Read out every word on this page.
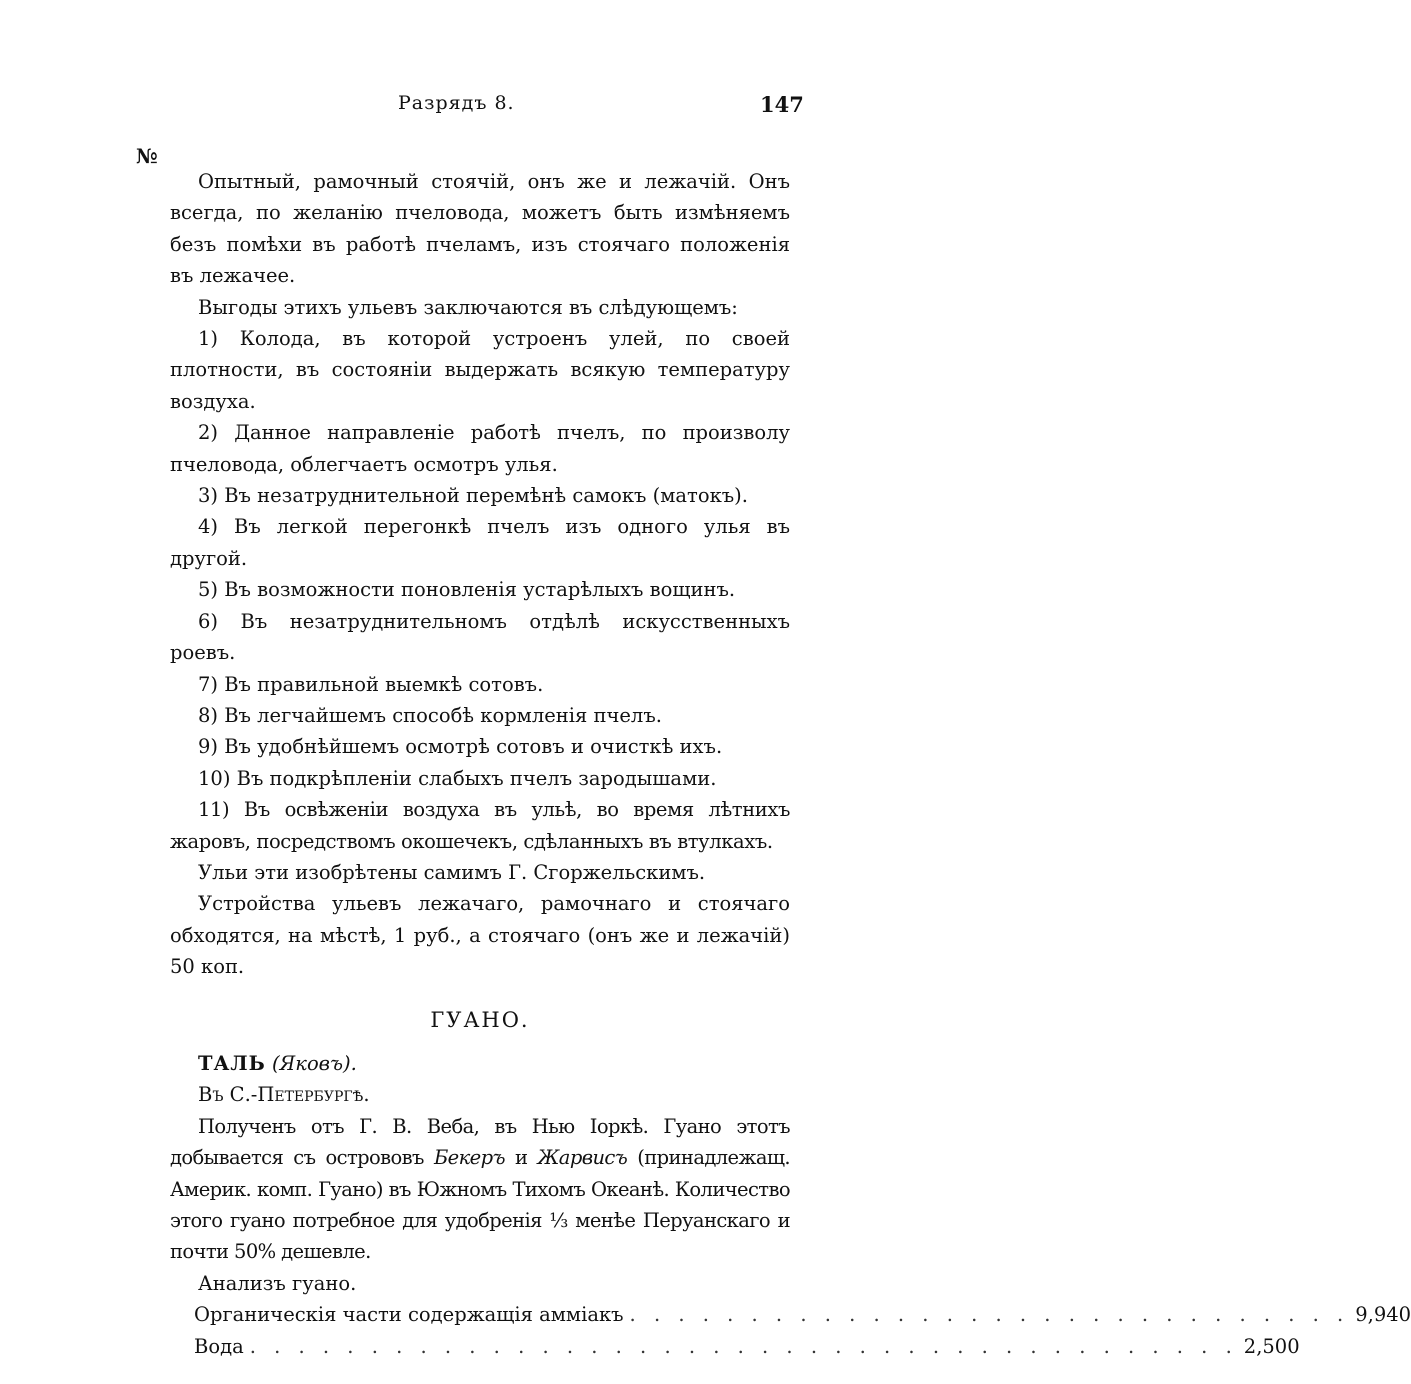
Разрядъ 8.	147
№

Опытный, рамочный стоячій, онъ же и лежачій. Онъ всегда, по желанію пчеловода, можетъ быть измѣняемъ безъ помѣхи въ работѣ пчеламъ, изъ стоячаго положенія въ лежачее.

Выгоды этихъ ульевъ заключаются въ слѣдующемъ:

1) Колода, въ которой устроенъ улей, по своей плотности, въ состояніи выдержать всякую температуру воздуха.

2) Данное направленіе работѣ пчелъ, по произволу пчеловода, облегчаетъ осмотръ улья.

3) Въ незатруднительной перемѣнѣ самокъ (матокъ).

4) Въ легкой перегонкѣ пчелъ изъ одного улья въ другой.

5) Въ возможности поновленія устарѣлыхъ вощинъ.

6) Въ незатруднительномъ отдѣлѣ искусственныхъ роевъ.

7) Въ правильной выемкѣ сотовъ.

8) Въ легчайшемъ способѣ кормленія пчелъ.

9) Въ удобнѣйшемъ осмотрѣ сотовъ и очисткѣ ихъ.

10) Въ подкрѣпленіи слабыхъ пчелъ зародышами.

11) Въ освѣженіи воздуха въ ульѣ, во время лѣтнихъ жаровъ, посредствомъ окошечекъ, сдѣланныхъ въ втулкахъ.

Ульи эти изобрѣтены самимъ Г. Сгоржельскимъ.

Устройства ульевъ лежачаго, рамочнаго и стоячаго обходятся, на мѣстѣ, 1 руб., а стоячаго (онъ же и лежачій) 50 коп.

ГУАНО.

ТАЛЬ (Яковъ).

Въ С.-Петербургѣ.

Полученъ отъ Г. В. Веба, въ Нью Іоркѣ. Гуано этотъ добывается съ острововъ Бекеръ и Жарвисъ (принадлежащ. Америк. комп. Гуано) въ Южномъ Тихомъ Океанѣ. Количество этого гуано потребное для удобренія ⅓ менѣе Перуанскаго и почти 50% дешевле.

Анализъ гуано.

Органическія части содержащія амміакъ . . . . . . . . . . . . . . . . . . . . . . . . . . . . . . 9,940
Вода . . . . . . . . . . . . . . . . . . . . . . . . . . . . . . . . . . . . . . . . . 2,500
